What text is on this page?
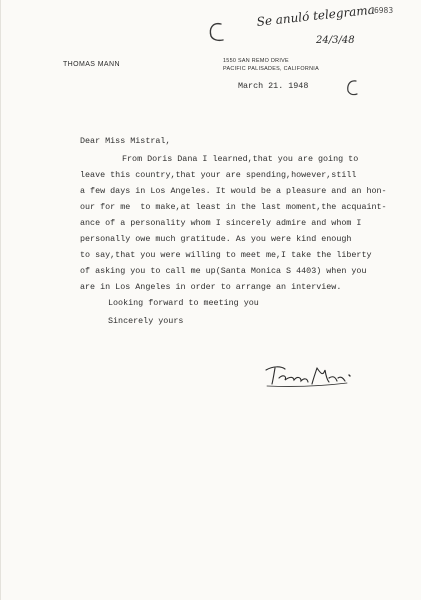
6983
Se anuló telegrama
24/3/48
THOMAS MANN	1550 SAN REMO DRIVE
PACIFIC PALISADES, CALIFORNIA
March 21. 1948
Dear Miss Mistral,
From Doris Dana I learned,that you are going to
leave this country,that your are spending,however,still
a few days in Los Angeles. It would be a pleasure and an hon-
our for me  to make,at least in the last moment,the acquaint-
ance of a personality whom I sincerely admire and whom I
personally owe much gratitude. As you were kind enough
to say,that you were willing to meet me,I take the liberty
of asking you to call me up(Santa Monica S 4403) when you
are in Los Angeles in order to arrange an interview.
Looking forward to meeting you
Sincerely yours
